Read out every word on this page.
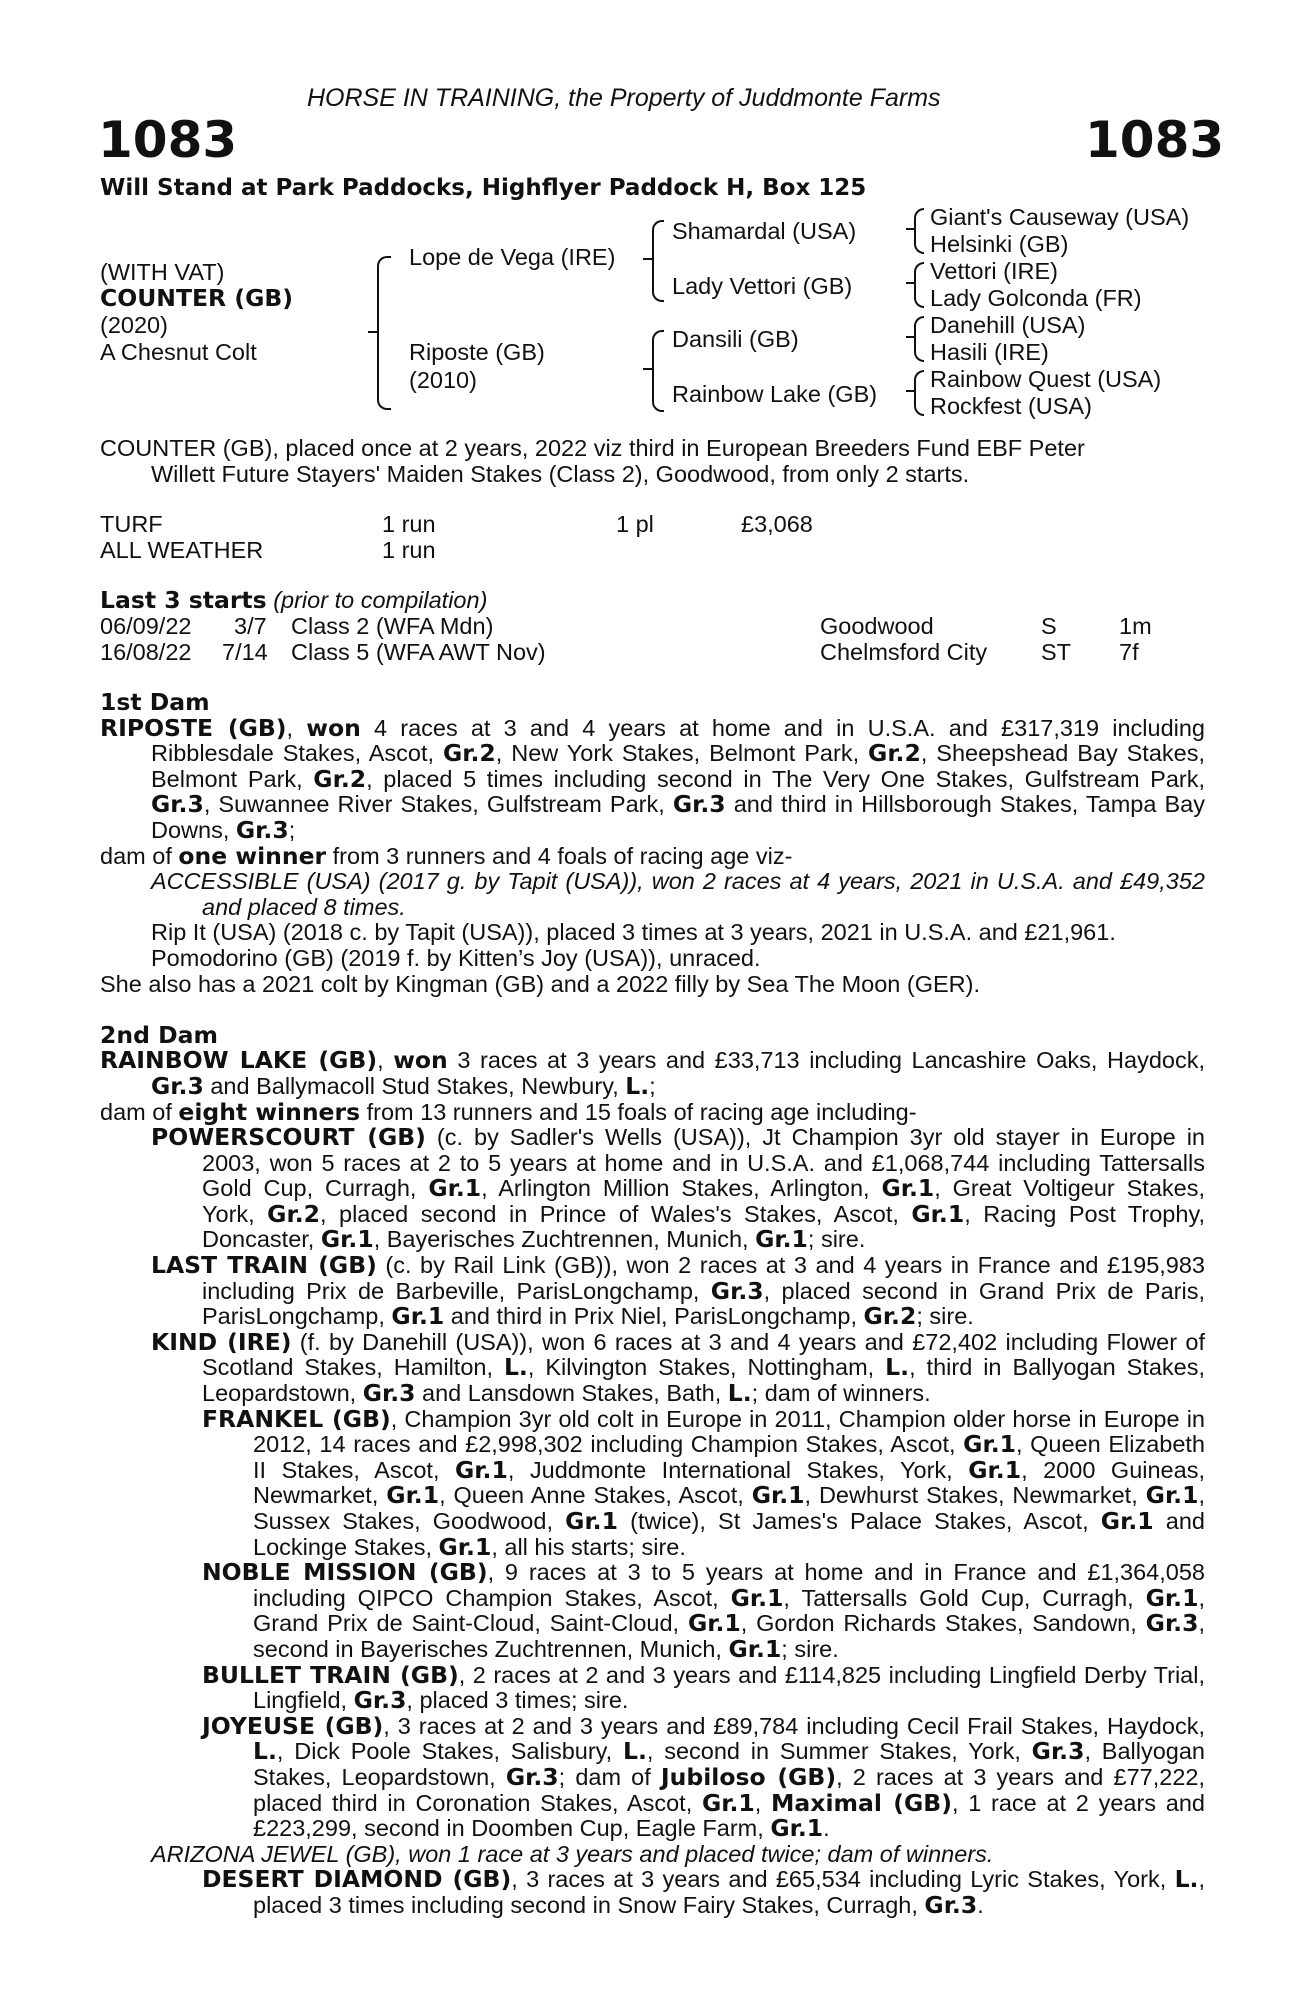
HORSE IN TRAINING, the Property of Juddmonte Farms
1083	1083
Will Stand at Park Paddocks, Highflyer Paddock H, Box 125
(WITH VAT)
COUNTER (GB)
(2020)
A Chesnut Colt
Lope de Vega (IRE)
Riposte (GB)
(2010)
Shamardal (USA)
Lady Vettori (GB)
Dansili (GB)
Rainbow Lake (GB)
Giant's Causeway (USA)
Helsinki (GB)
Vettori (IRE)
Lady Golconda (FR)
Danehill (USA)
Hasili (IRE)
Rainbow Quest (USA)
Rockfest (USA)
COUNTER (GB), placed once at 2 years, 2022 viz third in European Breeders Fund EBF Peter
Willett Future Stayers' Maiden Stakes (Class 2), Goodwood, from only 2 starts.
TURF	1 run	1 pl	£3,068
ALL WEATHER	1 run
Last 3 starts (prior to compilation)
06/09/22 3/7 Class 2 (WFA Mdn)	Goodwood	S	1m
16/08/22 7/14 Class 5 (WFA AWT Nov)	Chelmsford City ST 7f

1st Dam

RIPOSTE (GB), won 4 races at 3 and 4 years at home and in U.S.A. and £317,319 including Ribblesdale Stakes, Ascot, Gr.2, New York Stakes, Belmont Park, Gr.2, Sheepshead Bay Stakes, Belmont Park, Gr.2, placed 5 times including second in The Very One Stakes, Gulfstream Park, Gr.3, Suwannee River Stakes, Gulfstream Park, Gr.3 and third in Hillsborough Stakes, Tampa Bay Downs, Gr.3;

dam of one winner from 3 runners and 4 foals of racing age viz-

ACCESSIBLE (USA) (2017 g. by Tapit (USA)), won 2 races at 4 years, 2021 in U.S.A. and £49,352 and placed 8 times.

Rip It (USA) (2018 c. by Tapit (USA)), placed 3 times at 3 years, 2021 in U.S.A. and £21,961.

Pomodorino (GB) (2019 f. by Kitten’s Joy (USA)), unraced.

She also has a 2021 colt by Kingman (GB) and a 2022 filly by Sea The Moon (GER).

2nd Dam

RAINBOW LAKE (GB), won 3 races at 3 years and £33,713 including Lancashire Oaks, Haydock, Gr.3 and Ballymacoll Stud Stakes, Newbury, L.;

dam of eight winners from 13 runners and 15 foals of racing age including-

POWERSCOURT (GB) (c. by Sadler's Wells (USA)), Jt Champion 3yr old stayer in Europe in 2003, won 5 races at 2 to 5 years at home and in U.S.A. and £1,068,744 including Tattersalls Gold Cup, Curragh, Gr.1, Arlington Million Stakes, Arlington, Gr.1, Great Voltigeur Stakes, York, Gr.2, placed second in Prince of Wales's Stakes, Ascot, Gr.1, Racing Post Trophy, Doncaster, Gr.1, Bayerisches Zuchtrennen, Munich, Gr.1; sire.

LAST TRAIN (GB) (c. by Rail Link (GB)), won 2 races at 3 and 4 years in France and £195,983 including Prix de Barbeville, ParisLongchamp, Gr.3, placed second in Grand Prix de Paris, ParisLongchamp, Gr.1 and third in Prix Niel, ParisLongchamp, Gr.2; sire.

KIND (IRE) (f. by Danehill (USA)), won 6 races at 3 and 4 years and £72,402 including Flower of Scotland Stakes, Hamilton, L., Kilvington Stakes, Nottingham, L., third in Ballyogan Stakes, Leopardstown, Gr.3 and Lansdown Stakes, Bath, L.; dam of winners.

FRANKEL (GB), Champion 3yr old colt in Europe in 2011, Champion older horse in Europe in 2012, 14 races and £2,998,302 including Champion Stakes, Ascot, Gr.1, Queen Elizabeth II Stakes, Ascot, Gr.1, Juddmonte International Stakes, York, Gr.1, 2000 Guineas, Newmarket, Gr.1, Queen Anne Stakes, Ascot, Gr.1, Dewhurst Stakes, Newmarket, Gr.1, Sussex Stakes, Goodwood, Gr.1 (twice), St James's Palace Stakes, Ascot, Gr.1 and Lockinge Stakes, Gr.1, all his starts; sire.

NOBLE MISSION (GB), 9 races at 3 to 5 years at home and in France and £1,364,058 including QIPCO Champion Stakes, Ascot, Gr.1, Tattersalls Gold Cup, Curragh, Gr.1, Grand Prix de Saint-Cloud, Saint-Cloud, Gr.1, Gordon Richards Stakes, Sandown, Gr.3, second in Bayerisches Zuchtrennen, Munich, Gr.1; sire.

BULLET TRAIN (GB), 2 races at 2 and 3 years and £114,825 including Lingfield Derby Trial, Lingfield, Gr.3, placed 3 times; sire.

JOYEUSE (GB), 3 races at 2 and 3 years and £89,784 including Cecil Frail Stakes, Haydock, L., Dick Poole Stakes, Salisbury, L., second in Summer Stakes, York, Gr.3, Ballyogan Stakes, Leopardstown, Gr.3; dam of Jubiloso (GB), 2 races at 3 years and £77,222, placed third in Coronation Stakes, Ascot, Gr.1, Maximal (GB), 1 race at 2 years and £223,299, second in Doomben Cup, Eagle Farm, Gr.1.

ARIZONA JEWEL (GB), won 1 race at 3 years and placed twice; dam of winners.

DESERT DIAMOND (GB), 3 races at 3 years and £65,534 including Lyric Stakes, York, L., placed 3 times including second in Snow Fairy Stakes, Curragh, Gr.3.
